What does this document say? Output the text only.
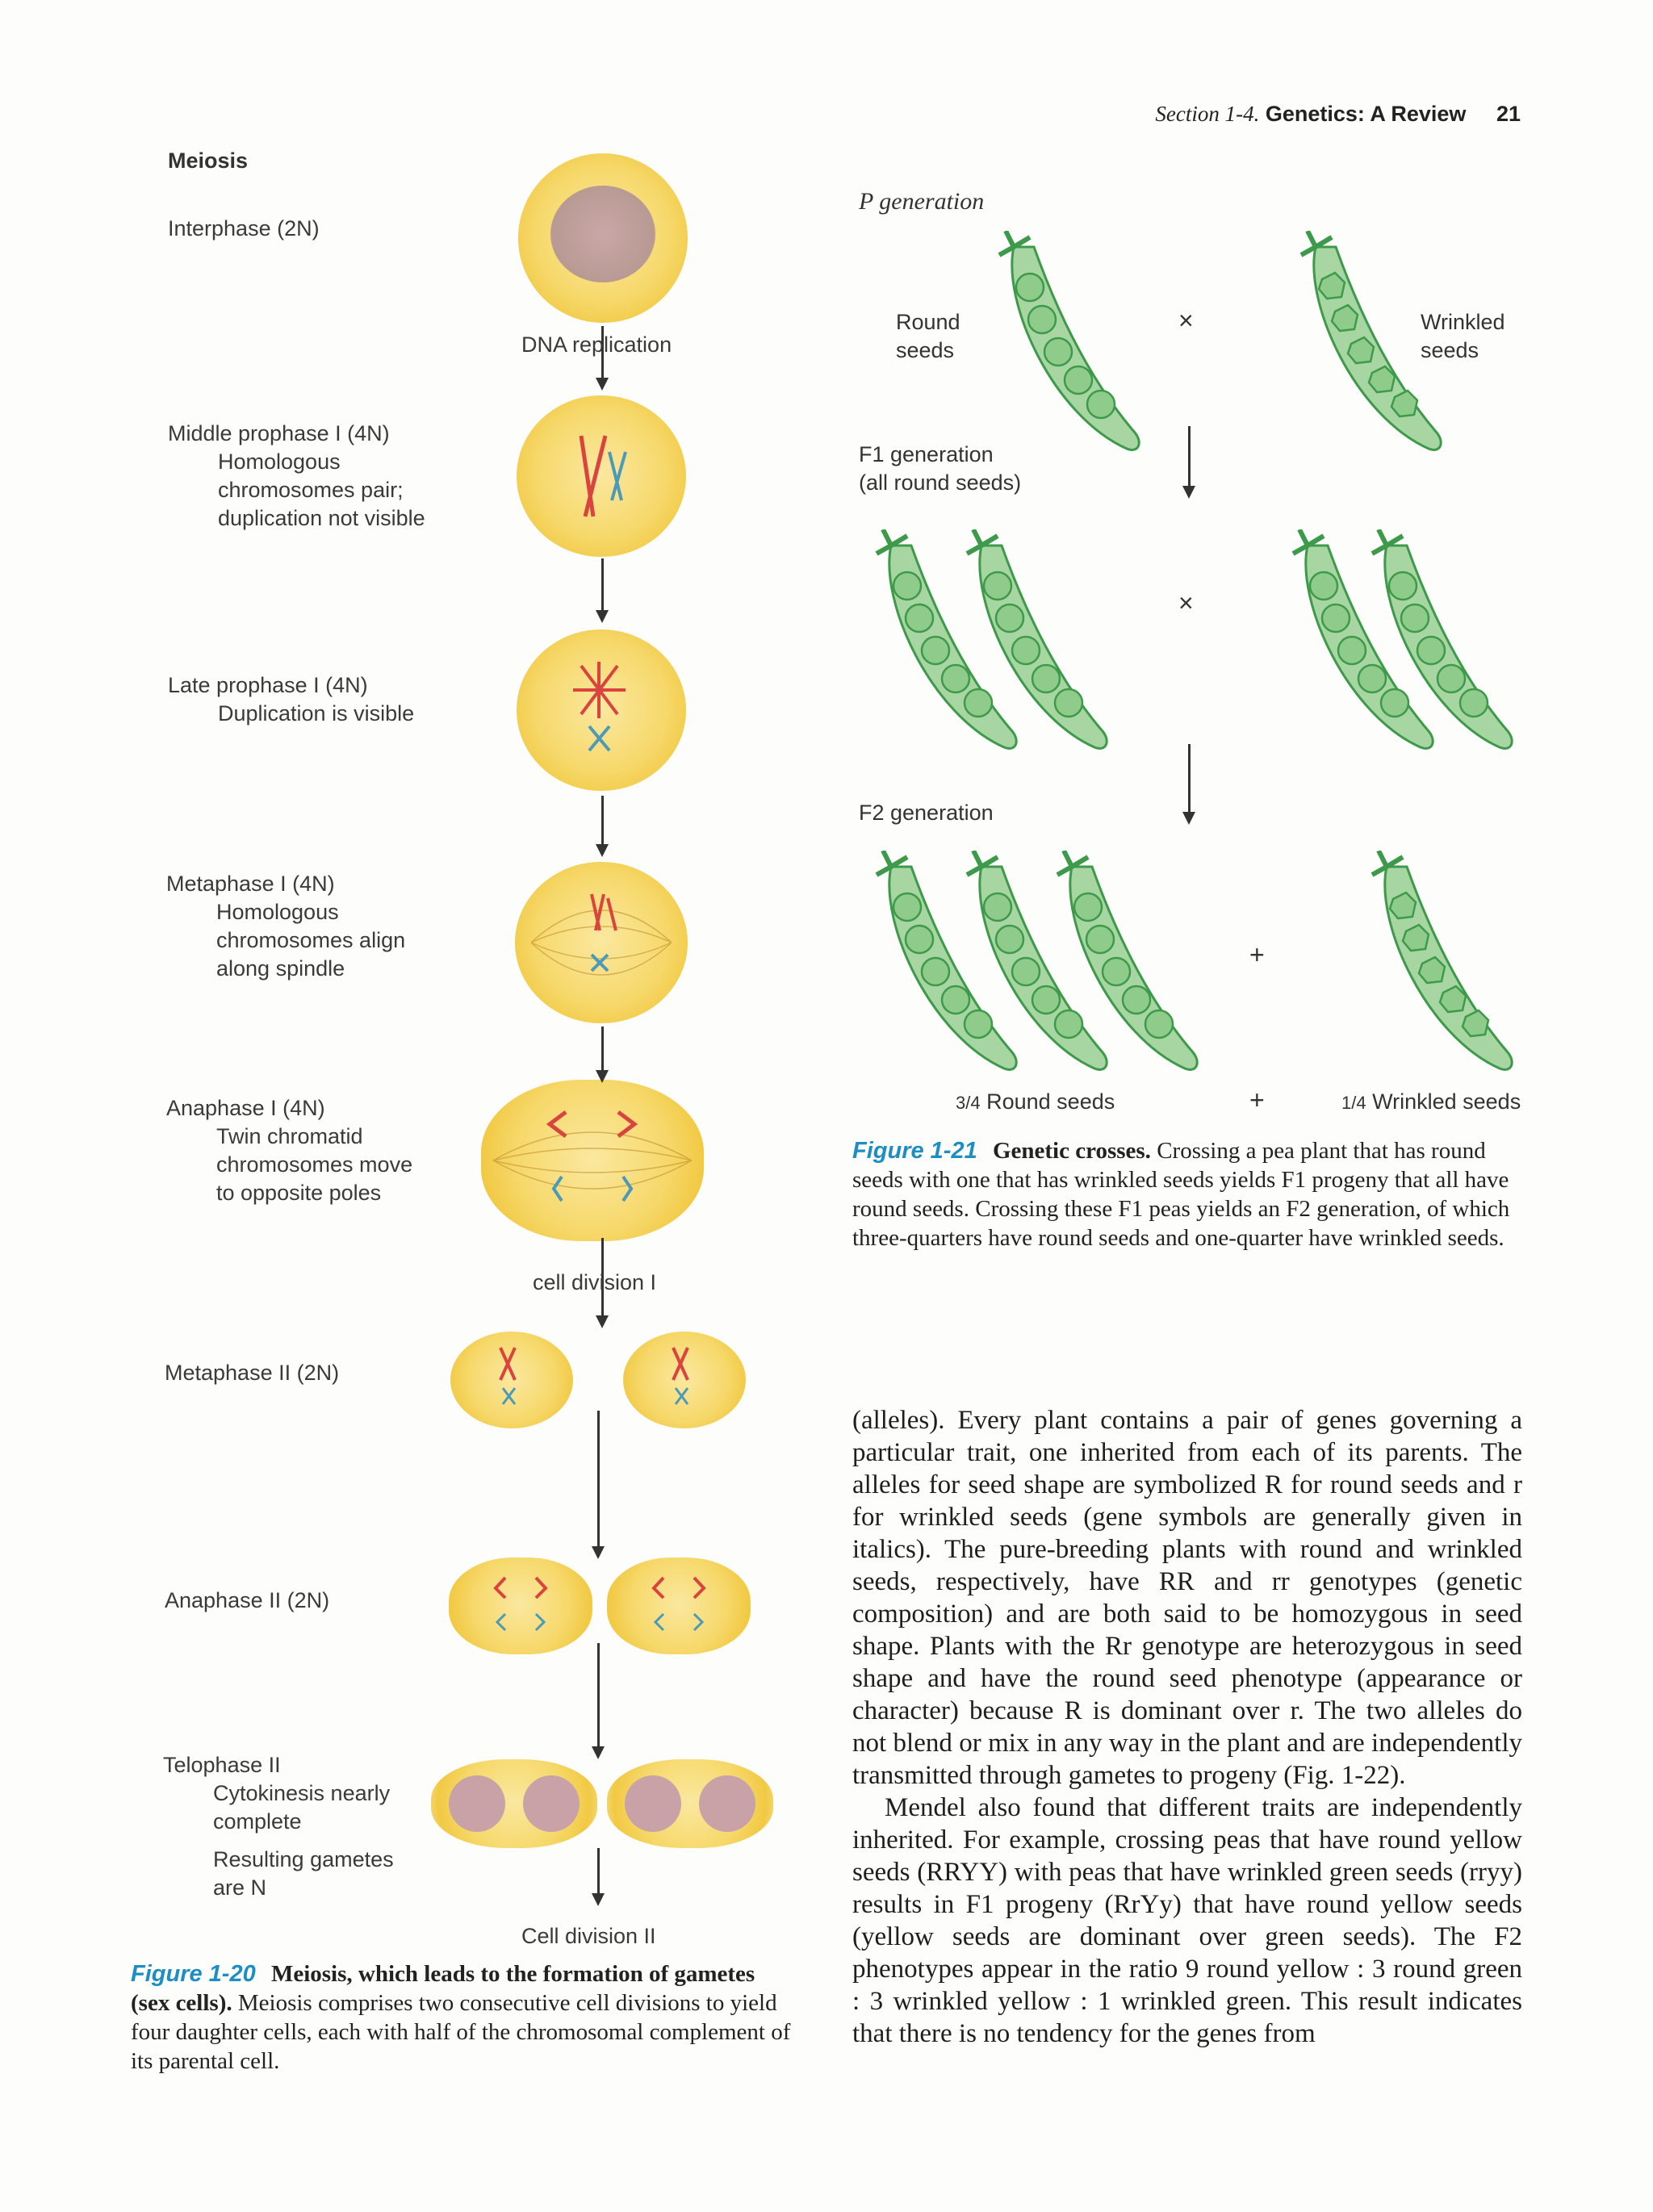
Section 1-4. Genetics: A Review 21
Meiosis
Interphase (2N)
Middle prophase I (4N)
Homologous
chromosomes pair;
duplication not visible
Late prophase I (4N)
Duplication is visible
Metaphase I (4N)
Homologous
chromosomes align
along spindle
Anaphase I (4N)
Twin chromatid
chromosomes move
to opposite poles
Metaphase II (2N)
Anaphase II (2N)
Telophase II
Cytokinesis nearly
complete
Resulting gametes
are N
DNA replication
cell division I
Cell division II
Figure 1-20 Meiosis, which leads to the formation of gametes (sex cells). Meiosis comprises two consecutive cell divisions to yield four daughter cells, each with half of the chromosomal complement of its parental cell.
P generation
Round
seeds
Wrinkled
seeds
×
F1 generation
(all round seeds)
×
F2 generation
+
3/4 Round seeds	+	1/4 Wrinkled seeds
Figure 1-21 Genetic crosses. Crossing a pea plant that has round seeds with one that has wrinkled seeds yields F1 progeny that all have round seeds. Crossing these F1 peas yields an F2 generation, of which three-quarters have round seeds and one-quarter have wrinkled seeds.

(alleles). Every plant contains a pair of genes governing a particular trait, one inherited from each of its parents. The alleles for seed shape are symbolized R for round seeds and r for wrinkled seeds (gene symbols are generally given in italics). The pure-breeding plants with round and wrinkled seeds, respectively, have RR and rr genotypes (genetic composition) and are both said to be homozygous in seed shape. Plants with the Rr genotype are heterozygous in seed shape and have the round seed phenotype (appearance or character) because R is dominant over r. The two alleles do not blend or mix in any way in the plant and are independently transmitted through gametes to progeny (Fig. 1-22).

Mendel also found that different traits are independently inherited. For example, crossing peas that have round yellow seeds (RRYY) with peas that have wrinkled green seeds (rryy) results in F1 progeny (RrYy) that have round yellow seeds (yellow seeds are dominant over green seeds). The F2 phenotypes appear in the ratio 9 round yellow : 3 round green : 3 wrinkled yellow : 1 wrinkled green. This result indicates that there is no tendency for the genes from
